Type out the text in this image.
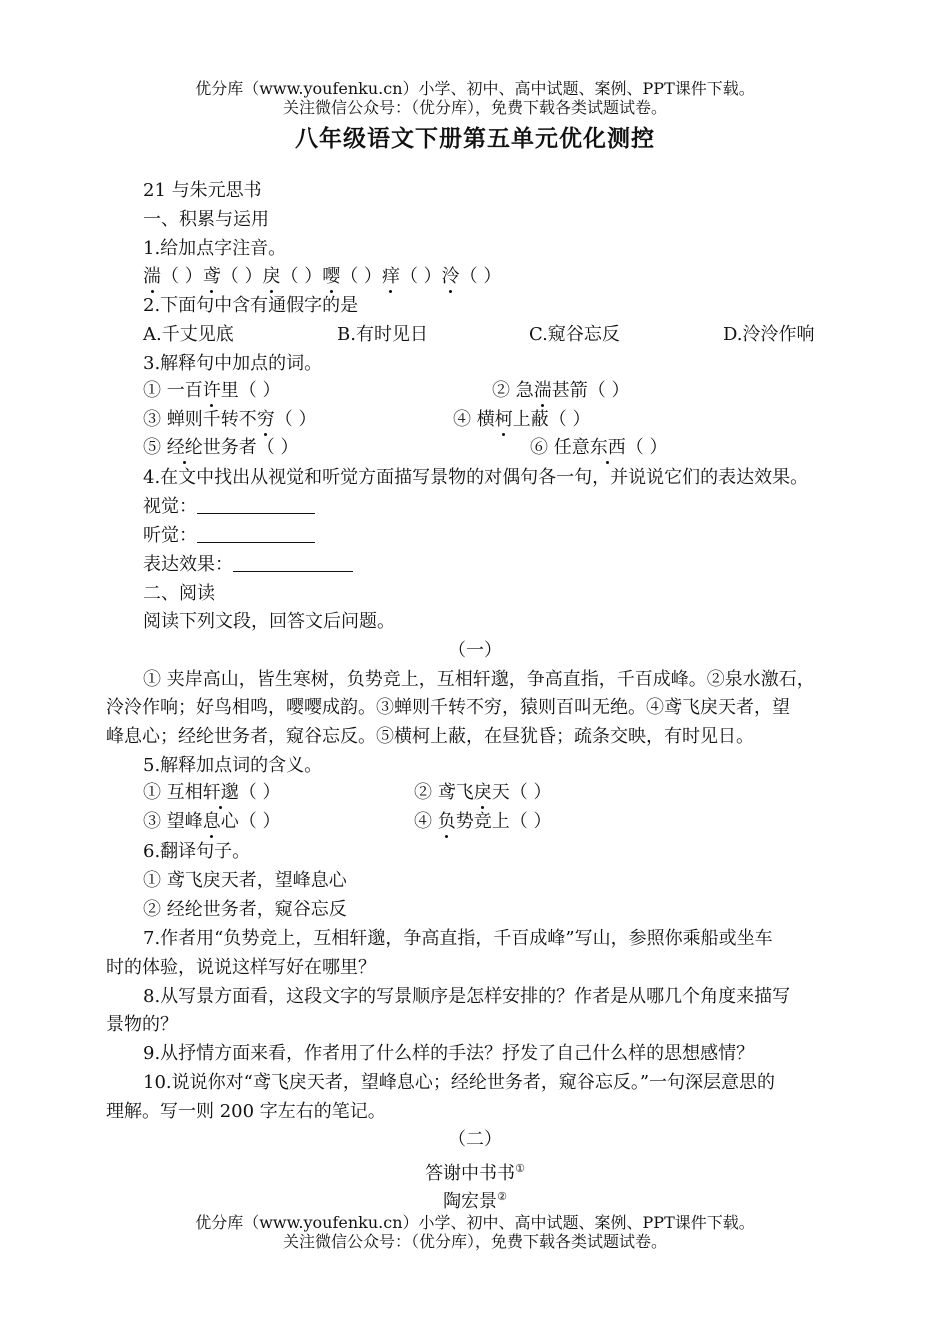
优分库（www.youfenku.cn）小学、初中、高中试题、案例、PPT课件下载。
关注微信公众号：（优分库），免费下载各类试题试卷。
八年级语文下册第五单元优化测控
21 与朱元思书
一、积累与运用
1.给加点字注音。
湍（ ）鸢（ ）戾（ ）嘤（ ）痒（ ）泠（ ）
2.下面句中含有通假字的是
A.千丈见底	B.有时见日	C.窥谷忘反	D.泠泠作响
3.解释句中加点的词。
① 一百许里（ ）	② 急湍甚箭（ ）
③ 蝉则千转不穷（ ）	④ 横柯上蔽（ ）
⑤ 经纶世务者（ ）	⑥ 任意东西（ ）
4.在文中找出从视觉和听觉方面描写景物的对偶句各一句，并说说它们的表达效果。
视觉：
听觉：
表达效果：
二、阅读
阅读下列文段，回答文后问题。
（一）
① 夹岸高山，皆生寒树，负势竞上，互相轩邈，争高直指，千百成峰。②泉水激石，
泠泠作响；好鸟相鸣，嘤嘤成韵。③蝉则千转不穷，猿则百叫无绝。④鸢飞戾天者，望
峰息心；经纶世务者，窥谷忘反。⑤横柯上蔽，在昼犹昏；疏条交映，有时见日。
5.解释加点词的含义。
① 互相轩邈（ ）	② 鸢飞戾天（ ）
③ 望峰息心（ ）	④ 负势竞上（ ）
6.翻译句子。
① 鸢飞戾天者，望峰息心
② 经纶世务者，窥谷忘反
7.作者用“负势竞上，互相轩邈，争高直指，千百成峰”写山，参照你乘船或坐车
时的体验，说说这样写好在哪里？
8.从写景方面看，这段文字的写景顺序是怎样安排的？作者是从哪几个角度来描写
景物的？
9.从抒情方面来看，作者用了什么样的手法？抒发了自己什么样的思想感情？
10.说说你对“鸢飞戾天者，望峰息心；经纶世务者，窥谷忘反。”一句深层意思的
理解。写一则 200 字左右的笔记。
（二）
答谢中书书①
陶宏景②
优分库（www.youfenku.cn）小学、初中、高中试题、案例、PPT课件下载。
关注微信公众号：（优分库），免费下载各类试题试卷。
